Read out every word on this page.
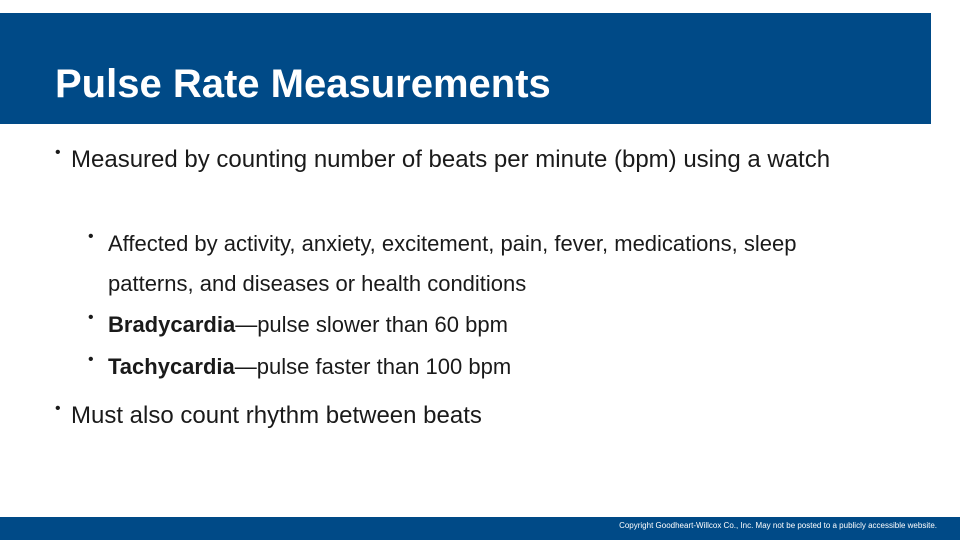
Pulse Rate Measurements

• Measured by counting number of beats per minute (bpm) using a watch

• Affected by activity, anxiety, excitement, pain, fever, medications, sleep patterns, and diseases or health conditions

• Bradycardia—pulse slower than 60 bpm

• Tachycardia—pulse faster than 100 bpm

• Must also count rhythm between beats

Copyright Goodheart-Willcox Co., Inc. May not be posted to a publicly accessible website.
